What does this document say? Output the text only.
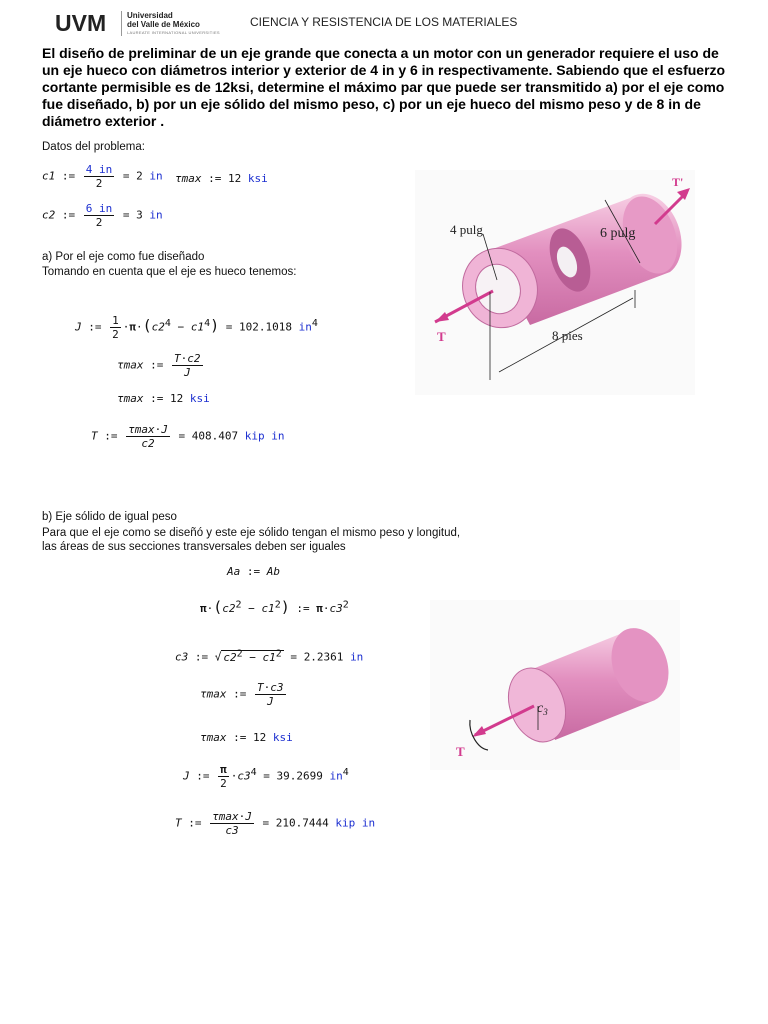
UVM	Universidad
del Valle de México
LAUREATE INTERNATIONAL UNIVERSITIES
CIENCIA Y RESISTENCIA DE LOS MATERIALES
El diseño de preliminar de un eje grande que conecta a un motor con un generador requiere el uso de un eje hueco con diámetros interior y exterior de 4 in y 6 in respectivamente. Sabiendo que el esfuerzo cortante permisible es de 12ksi, determine el máximo par que puede ser transmitido a) por el eje como fue diseñado, b) por un eje sólido del mismo peso, c) por un eje hueco del mismo peso y de 8 in de diámetro exterior .
Datos del problema:
c1 := $\frac{4 in}{2} = 2$ in τmax := 12 ksi
c2 := $\frac{6 in}{2} = 3$ in
a) Por el eje como fue diseñado
Tomando en cuenta que el eje es hueco tenemos:
J := $\frac{1}{2} \cdot\pi\cdot(c2^4 - c1^4) = 102.1018$ $in^4$
τmax := $\frac{T\cdot c2}{J}$
τmax := 12 ksi
T := $\frac{\tau\max\cdot J}{c2} = 408.407$ kip in
4 pulg	6 pulg
8 pies
T
T'
b) Eje sólido de igual peso
Para que el eje como se diseñó y este eje sólido tengan el mismo peso y longitud, las áreas de sus secciones transversales deben ser iguales
Aa := Ab
$\pi\cdot(c2^2 - c1^2)$ := $\pi\cdot c3^2$
c3 := √ $c2^2 - c1^2 = 2.2361$ in
τmax := $\frac{T\cdot c3}{J}$
τmax := 12 ksi
J := $\frac{\pi}{2} \cdot c3^4 = 39.2699$ $in^4$
T := $\frac{\tau\max\cdot J}{c3} = 210.7444$ kip in
$c_3$
T
